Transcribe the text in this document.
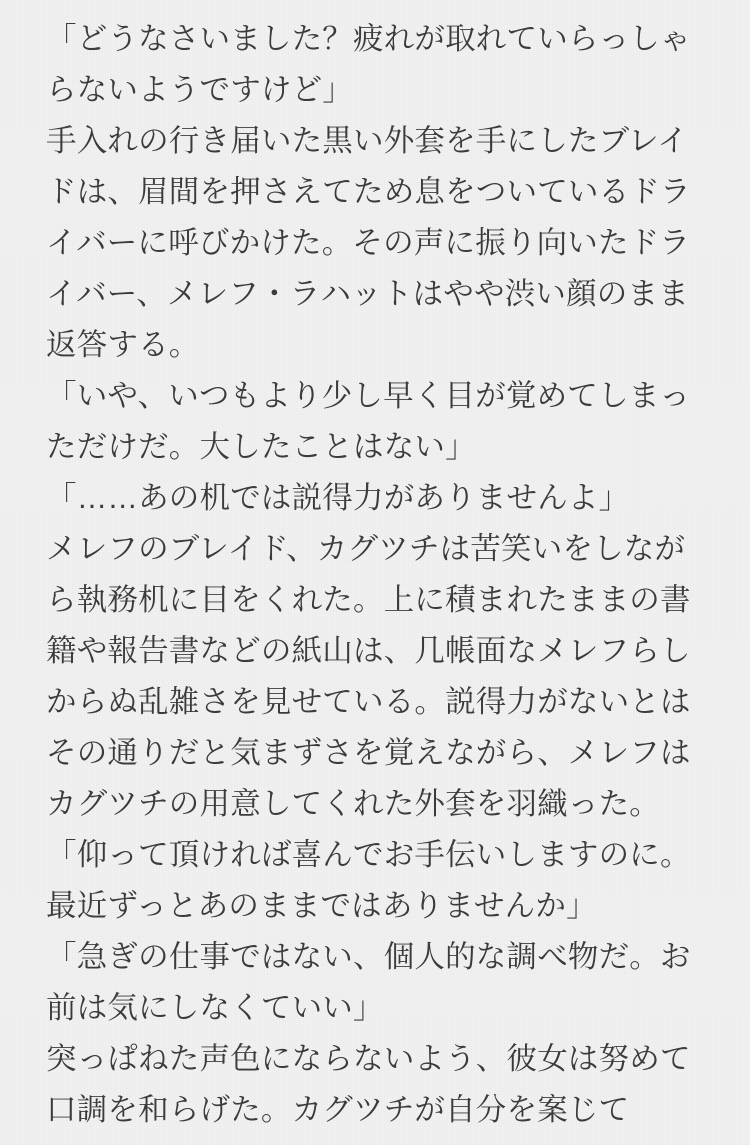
「どうなさいました？疲れが取れていらっしゃらないようですけど」

手入れの行き届いた黒い外套を手にしたブレイドは、眉間を押さえてため息をついているドライバーに呼びかけた。その声に振り向いたドライバー、メレフ・ラハットはやや渋い顔のまま返答する。

「いや、いつもより少し早く目が覚めてしまっただけだ。大したことはない」

「……あの机では説得力がありませんよ」

メレフのブレイド、カグツチは苦笑いをしながら執務机に目をくれた。上に積まれたままの書籍や報告書などの紙山は、几帳面なメレフらしからぬ乱雑さを見せている。説得力がないとはその通りだと気まずさを覚えながら、メレフはカグツチの用意してくれた外套を羽織った。

「仰って頂ければ喜んでお手伝いしますのに。最近ずっとあのままではありませんか」

「急ぎの仕事ではない、個人的な調べ物だ。お前は気にしなくていい」

突っぱねた声色にならないよう、彼女は努めて口調を和らげた。カグツチが自分を案じて
